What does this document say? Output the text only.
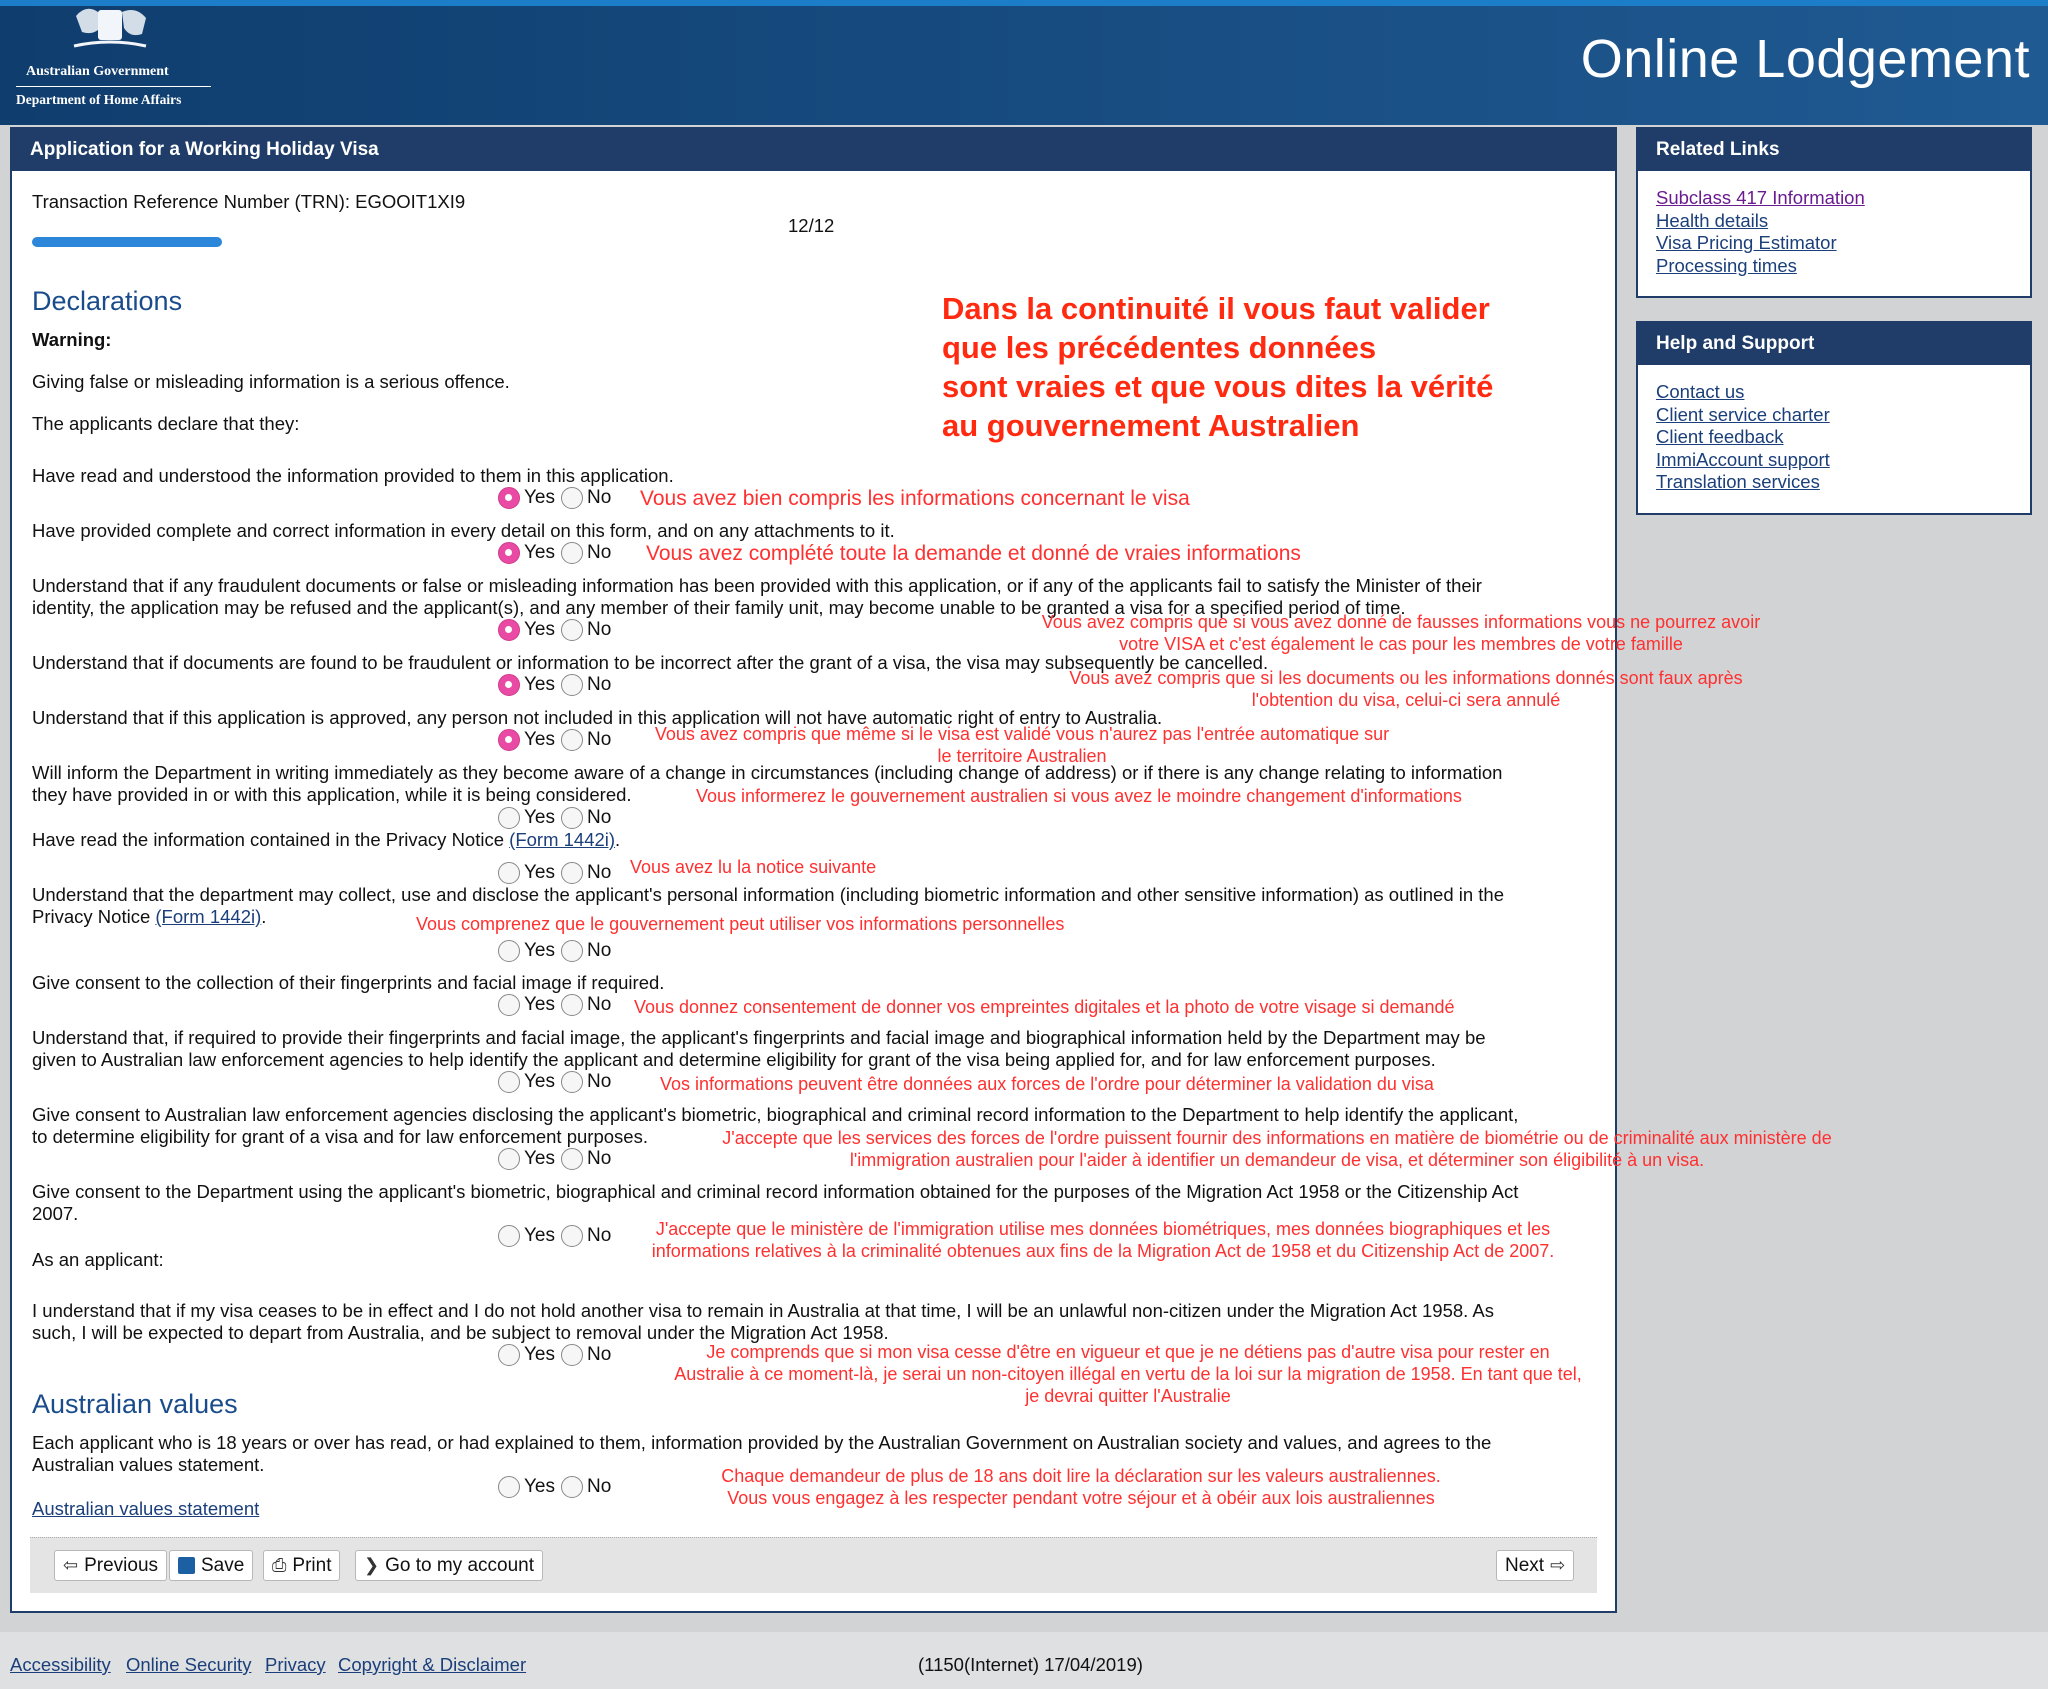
Australian Government
Department of Home Affairs
Online Lodgement
Application for a Working Holiday Visa
Transaction Reference Number (TRN): EGOOIT1XI9
12/12
Declarations
Warning:
Giving false or misleading information is a serious offence.
The applicants declare that they:
Dans la continuité il vous faut valider
que les précédentes données
sont vraies et que vous dites la vérité
au gouvernement Australien
Have read and understood the information provided to them in this application.
Yes No Vous avez bien compris les informations concernant le visa
Have provided complete and correct information in every detail on this form, and on any attachments to it.
Yes No Vous avez complété toute la demande et donné de vraies informations
Understand that if any fraudulent documents or false or misleading information has been provided with this application, or if any of the applicants fail to satisfy the Minister of their
identity, the application may be refused and the applicant(s), and any member of their family unit, may become unable to be granted a visa for a specified period of time.
Yes No	Vous avez compris que si vous avez donné de fausses informations vous ne pourrez avoir
votre VISA et c'est également le cas pour les membres de votre famille
Understand that if documents are found to be fraudulent or information to be incorrect after the grant of a visa, the visa may subsequently be cancelled.
Yes No	Vous avez compris que si les documents ou les informations donnés sont faux après
l'obtention du visa, celui-ci sera annulé
Understand that if this application is approved, any person not included in this application will not have automatic right of entry to Australia.
Yes No	Vous avez compris que même si le visa est validé vous n'aurez pas l'entrée automatique sur
le territoire Australien
Will inform the Department in writing immediately as they become aware of a change in circumstances (including change of address) or if there is any change relating to information
they have provided in or with this application, while it is being considered.	Vous informerez le gouvernement australien si vous avez le moindre changement d'informations
Yes No
Have read the information contained in the Privacy Notice (Form 1442i).
Yes No Vous avez lu la notice suivante
Understand that the department may collect, use and disclose the applicant's personal information (including biometric information and other sensitive information) as outlined in the
Privacy Notice (Form 1442i).	Vous comprenez que le gouvernement peut utiliser vos informations personnelles
Yes No
Give consent to the collection of their fingerprints and facial image if required.
Yes No Vous donnez consentement de donner vos empreintes digitales et la photo de votre visage si demandé
Understand that, if required to provide their fingerprints and facial image, the applicant's fingerprints and facial image and biographical information held by the Department may be
given to Australian law enforcement agencies to help identify the applicant and determine eligibility for grant of the visa being applied for, and for law enforcement purposes.
Yes No	Vos informations peuvent être données aux forces de l'ordre pour déterminer la validation du visa
Give consent to Australian law enforcement agencies disclosing the applicant's biometric, biographical and criminal record information to the Department to help identify the applicant,
to determine eligibility for grant of a visa and for law enforcement purposes.
Yes No
J'accepte que les services des forces de l'ordre puissent fournir des informations en matière de biométrie ou de criminalité aux ministère de
l'immigration australien pour l'aider à identifier un demandeur de visa, et déterminer son éligibilité à un visa.
Give consent to the Department using the applicant's biometric, biographical and criminal record information obtained for the purposes of the Migration Act 1958 or the Citizenship Act
2007.
Yes No	J'accepte que le ministère de l'immigration utilise mes données biométriques, mes données biographiques et les
informations relatives à la criminalité obtenues aux fins de la Migration Act de 1958 et du Citizenship Act de 2007.
As an applicant:
I understand that if my visa ceases to be in effect and I do not hold another visa to remain in Australia at that time, I will be an unlawful non-citizen under the Migration Act 1958. As
such, I will be expected to depart from Australia, and be subject to removal under the Migration Act 1958.
Yes No	Je comprends que si mon visa cesse d'être en vigueur et que je ne détiens pas d'autre visa pour rester en
Australie à ce moment-là, je serai un non-citoyen illégal en vertu de la loi sur la migration de 1958. En tant que tel,
je devrai quitter l'Australie
Australian values
Each applicant who is 18 years or over has read, or had explained to them, information provided by the Australian Government on Australian society and values, and agrees to the
Australian values statement.
Yes No	Chaque demandeur de plus de 18 ans doit lire la déclaration sur les valeurs australiennes.
Vous vous engagez à les respecter pendant votre séjour et à obéir aux lois australiennes
Australian values statement
⇦ Previous Save ⎙ Print ❯ Go to my account	Next ⇨
Related Links
Subclass 417 Information
Health details
Visa Pricing Estimator
Processing times
Help and Support
Contact us
Client service charter
Client feedback
ImmiAccount support
Translation services
Accessibility Online Security Privacy Copyright & Disclaimer	(1150(Internet) 17/04/2019)
